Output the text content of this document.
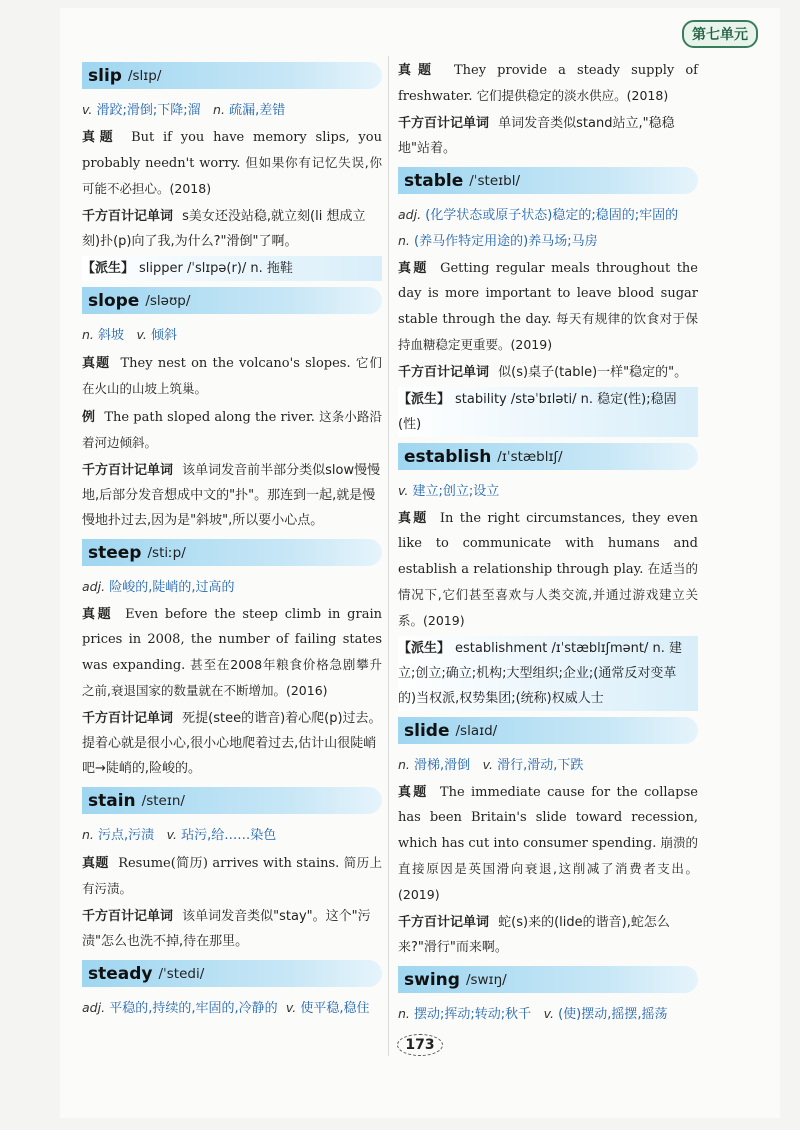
第七单元
slip /slɪp/

v. 滑跤;滑倒;下降;溜 n. 疏漏,差错

真题 But if you have memory slips, you probably needn't worry. 但如果你有记忆失误,你可能不必担心。(2018)

千方百计记单词 s美女还没站稳,就立刻(li 想成立刻)扑(p)向了我,为什么?"滑倒"了啊。

【派生】 slipper /ˈslɪpə(r)/ n. 拖鞋
slope /sləʊp/

n. 斜坡 v. 倾斜

真题 They nest on the volcano's slopes. 它们在火山的山坡上筑巢。

例 The path sloped along the river. 这条小路沿着河边倾斜。

千方百计记单词 该单词发音前半部分类似slow慢慢地,后部分发音想成中文的"扑"。那连到一起,就是慢慢地扑过去,因为是"斜坡",所以要小心点。

steep /stiːp/

adj. 险峻的,陡峭的,过高的

真题 Even before the steep climb in grain prices in 2008, the number of failing states was expanding. 甚至在2008年粮食价格急剧攀升之前,衰退国家的数量就在不断增加。(2016)

千方百计记单词 死提(stee的谐音)着心爬(p)过去。提着心就是很小心,很小心地爬着过去,估计山很陡峭吧→陡峭的,险峻的。

stain /steɪn/

n. 污点,污渍 v. 玷污,给……染色

真题 Resume(简历) arrives with stains. 简历上有污渍。

千方百计记单词 该单词发音类似"stay"。这个"污渍"怎么也洗不掉,待在那里。

steady /ˈstedi/

adj. 平稳的,持续的,牢固的,冷静的 v. 使平稳,稳住

真题 They provide a steady supply of freshwater. 它们提供稳定的淡水供应。(2018)

千方百计记单词 单词发音类似stand站立,"稳稳地"站着。

stable /ˈsteɪbl/

adj. (化学状态或原子状态)稳定的;稳固的;牢固的  n. (养马作特定用途的)养马场;马房

真题 Getting regular meals throughout the day is more important to leave blood sugar stable through the day. 每天有规律的饮食对于保持血糖稳定更重要。(2019)

千方百计记单词 似(s)桌子(table)一样"稳定的"。

【派生】 stability /stəˈbɪləti/ n. 稳定(性);稳固(性)
establish /ɪˈstæblɪʃ/

v. 建立;创立;设立

真题 In the right circumstances, they even like to communicate with humans and establish a relationship through play. 在适当的情况下,它们甚至喜欢与人类交流,并通过游戏建立关系。(2019)

【派生】 establishment /ɪˈstæblɪʃmənt/ n. 建立;创立;确立;机构;大型组织;企业;(通常反对变革的)当权派,权势集团;(统称)权威人士
slide /slaɪd/

n. 滑梯,滑倒 v. 滑行,滑动,下跌

真题 The immediate cause for the collapse has been Britain's slide toward recession, which has cut into consumer spending. 崩溃的直接原因是英国滑向衰退,这削减了消费者支出。(2019)

千方百计记单词 蛇(s)来的(lide的谐音),蛇怎么来?"滑行"而来啊。

swing /swɪŋ/

n. 摆动;挥动;转动;秋千 v. (使)摆动,摇摆,摇荡

173
